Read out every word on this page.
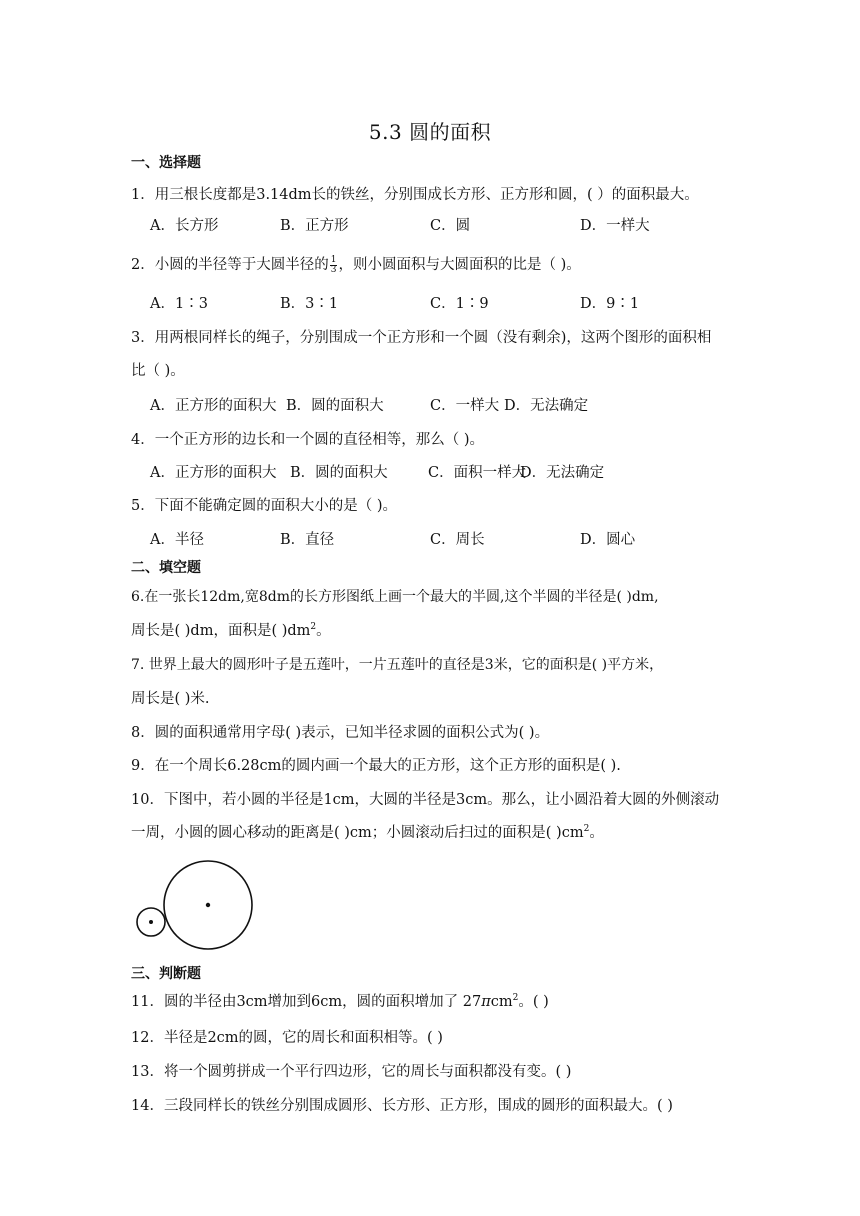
5.3 圆的面积
一、选择题
1．用三根长度都是3.14dm长的铁丝，分别围成长方形、正方形和圆，( ）的面积最大。
A．长方形	B．正方形	C．圆	D．一样大
2．小圆的半径等于大圆半径的 $\frac{1}{3}$ ，则小圆面积与大圆面积的比是（ )。
A．1∶3	B．3∶1	C．1∶9	D．9∶1
3．用两根同样长的绳子，分别围成一个正方形和一个圆（没有剩余)，这两个图形的面积相
比（ )。
A．正方形的面积大 B．圆的面积大	C．一样大 D．无法确定
4．一个正方形的边长和一个圆的直径相等，那么（ )。
A．正方形的面积大 B．圆的面积大	C．面积一样大
D．无法确定
5．下面不能确定圆的面积大小的是（ )。
A．半径	B．直径	C．周长	D．圆心
二、填空题
6.在一张长12dm,宽8dm的长方形图纸上画一个最大的半圆,这个半圆的半径是( )dm,
周长是( )dm，面积是( )$dm^2$。
7. 世界上最大的圆形叶子是五莲叶，一片五莲叶的直径是3米，它的面积是( )平方米，
周长是( )米.
8．圆的面积通常用字母( )表示，已知半径求圆的面积公式为( )。
9．在一个周长6.28cm的圆内画一个最大的正方形，这个正方形的面积是( ).
10．下图中，若小圆的半径是1cm，大圆的半径是3cm。那么，让小圆沿着大圆的外侧滚动
一周，小圆的圆心移动的距离是( )cm；小圆滚动后扫过的面积是( )$cm^2$。
三、判断题
11．圆的半径由3cm增加到6cm，圆的面积增加了 27πcm$^2$。( )
12．半径是2cm的圆，它的周长和面积相等。( )
13．将一个圆剪拼成一个平行四边形，它的周长与面积都没有变。( )
14．三段同样长的铁丝分别围成圆形、长方形、正方形，围成的圆形的面积最大。( )
